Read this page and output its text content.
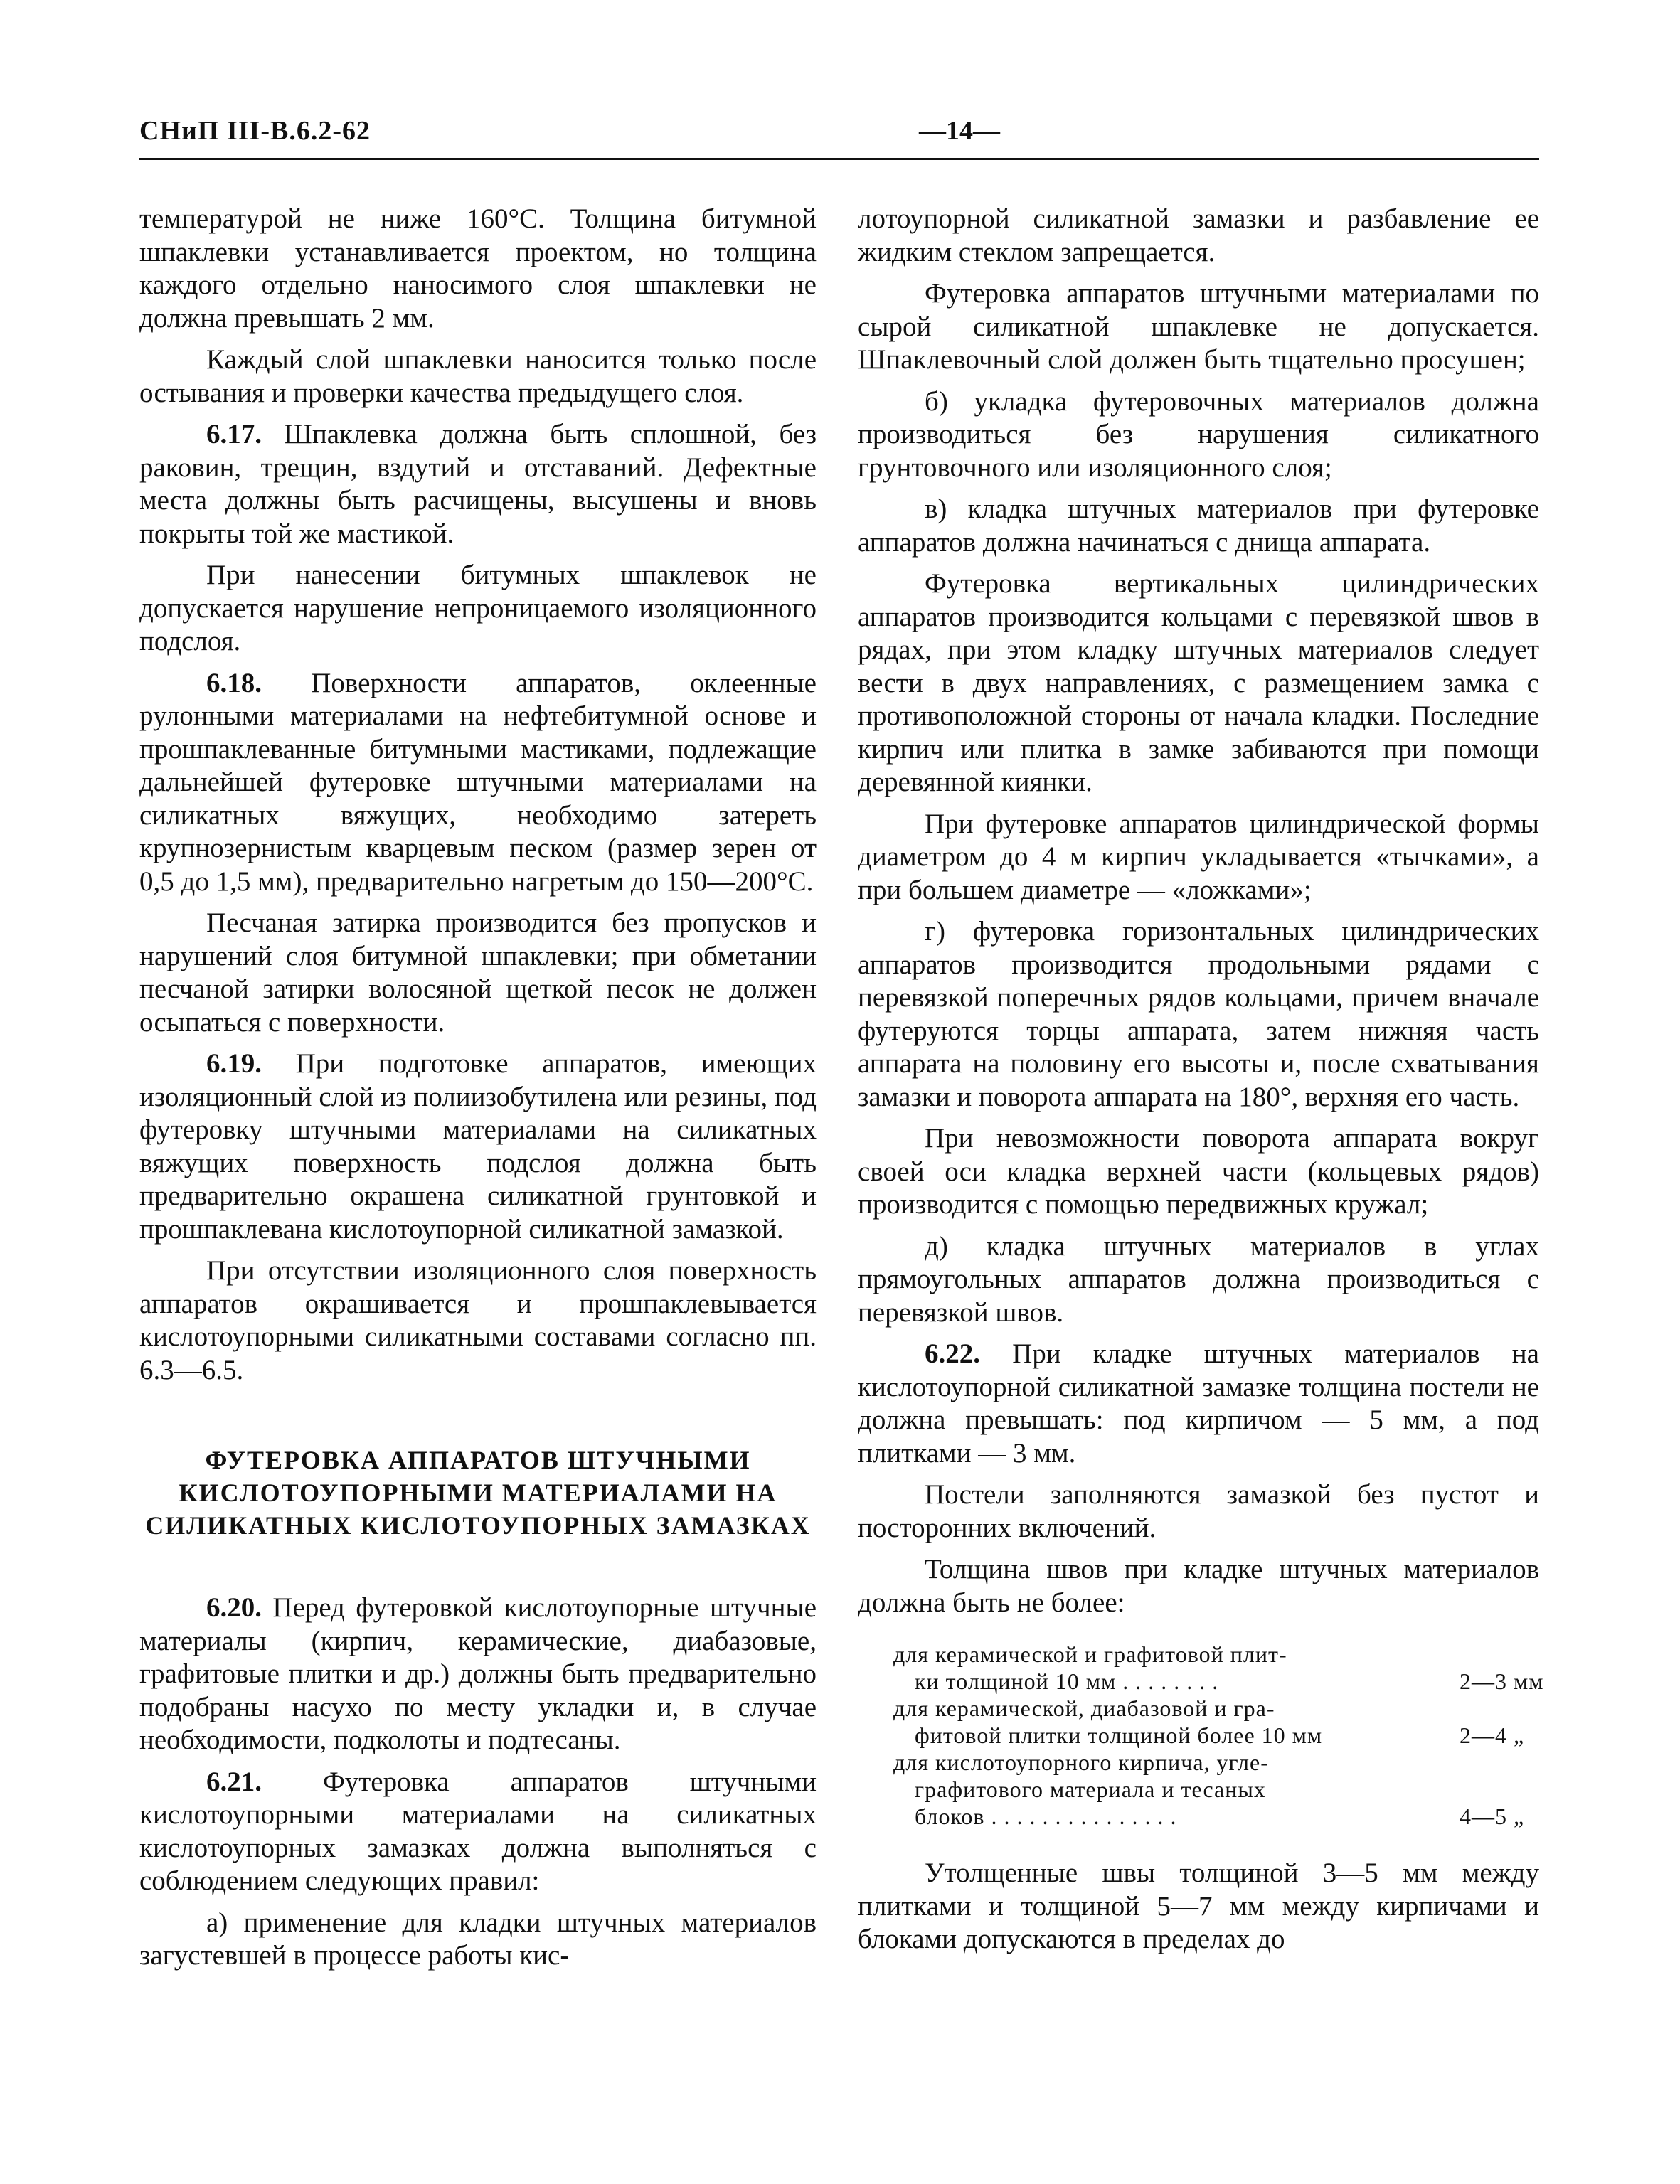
СНиП III-В.6.2-62	—14—

температурой не ниже 160°С. Толщина битумной шпаклевки устанавливается проектом, но толщина каждого отдельно наносимого слоя шпаклевки не должна превышать 2 мм.

Каждый слой шпаклевки наносится только после остывания и проверки качества предыдущего слоя.

6.17. Шпаклевка должна быть сплошной, без раковин, трещин, вздутий и отставаний. Дефектные места должны быть расчищены, высушены и вновь покрыты той же мастикой.

При нанесении битумных шпаклевок не допускается нарушение непроницаемого изоляционного подслоя.

6.18. Поверхности аппаратов, оклеенные рулонными материалами на нефтебитумной основе и прошпаклеванные битумными мастиками, подлежащие дальнейшей футеровке штучными материалами на силикатных вяжущих, необходимо затереть крупнозернистым кварцевым песком (размер зерен от 0,5 до 1,5 мм), предварительно нагретым до 150—200°С.

Песчаная затирка производится без пропусков и нарушений слоя битумной шпаклевки; при обметании песчаной затирки волосяной щеткой песок не должен осыпаться с поверхности.

6.19. При подготовке аппаратов, имеющих изоляционный слой из полиизобутилена или резины, под футеровку штучными материалами на силикатных вяжущих поверхность подслоя должна быть предварительно окрашена силикатной грунтовкой и прошпаклевана кислотоупорной силикатной замазкой.

При отсутствии изоляционного слоя поверхность аппаратов окрашивается и прошпаклевывается кислотоупорными силикатными составами согласно пп. 6.3—6.5.

ФУТЕРОВКА АППАРАТОВ ШТУЧНЫМИ КИСЛОТОУПОРНЫМИ МАТЕРИАЛАМИ НА СИЛИКАТНЫХ КИСЛОТОУПОРНЫХ ЗАМАЗКАХ

6.20. Перед футеровкой кислотоупорные штучные материалы (кирпич, керамические, диабазовые, графитовые плитки и др.) должны быть предварительно подобраны насухо по месту укладки и, в случае необходимости, подколоты и подтесаны.

6.21. Футеровка аппаратов штучными кислотоупорными материалами на силикатных кислотоупорных замазках должна выполняться с соблюдением следующих правил:

а) применение для кладки штучных материалов загустевшей в процессе работы кис-

лотоупорной силикатной замазки и разбавление ее жидким стеклом запрещается.

Футеровка аппаратов штучными материалами по сырой силикатной шпаклевке не допускается. Шпаклевочный слой должен быть тщательно просушен;

б) укладка футеровочных материалов должна производиться без нарушения силикатного грунтовочного или изоляционного слоя;

в) кладка штучных материалов при футеровке аппаратов должна начинаться с днища аппарата.

Футеровка вертикальных цилиндрических аппаратов производится кольцами с перевязкой швов в рядах, при этом кладку штучных материалов следует вести в двух направлениях, с размещением замка с противоположной стороны от начала кладки. Последние кирпич или плитка в замке забиваются при помощи деревянной киянки.

При футеровке аппаратов цилиндрической формы диаметром до 4 м кирпич укладывается «тычками», а при большем диаметре — «ложками»;

г) футеровка горизонтальных цилиндрических аппаратов производится продольными рядами с перевязкой поперечных рядов кольцами, причем вначале футеруются торцы аппарата, затем нижняя часть аппарата на половину его высоты и, после схватывания замазки и поворота аппарата на 180°, верхняя его часть.

При невозможности поворота аппарата вокруг своей оси кладка верхней части (кольцевых рядов) производится с помощью передвижных кружал;

д) кладка штучных материалов в углах прямоугольных аппаратов должна производиться с перевязкой швов.

6.22. При кладке штучных материалов на кислотоупорной силикатной замазке толщина постели не должна превышать: под кирпичом — 5 мм, а под плитками — 3 мм.

Постели заполняются замазкой без пустот и посторонних включений.

Толщина швов при кладке штучных материалов должна быть не более:

для керамической и графитовой плит-
ки толщиной 10 мм . . . . . . . .	2—3 мм
для керамической, диабазовой и гра-
фитовой плитки толщиной более 10 мм	2—4 „
для кислотоупорного кирпича, угле-
графитового материала и тесаных
блоков . . . . . . . . . . . . . . .	4—5 „

Утолщенные швы толщиной 3—5 мм между плитками и толщиной 5—7 мм между кирпичами и блоками допускаются в пределах до
